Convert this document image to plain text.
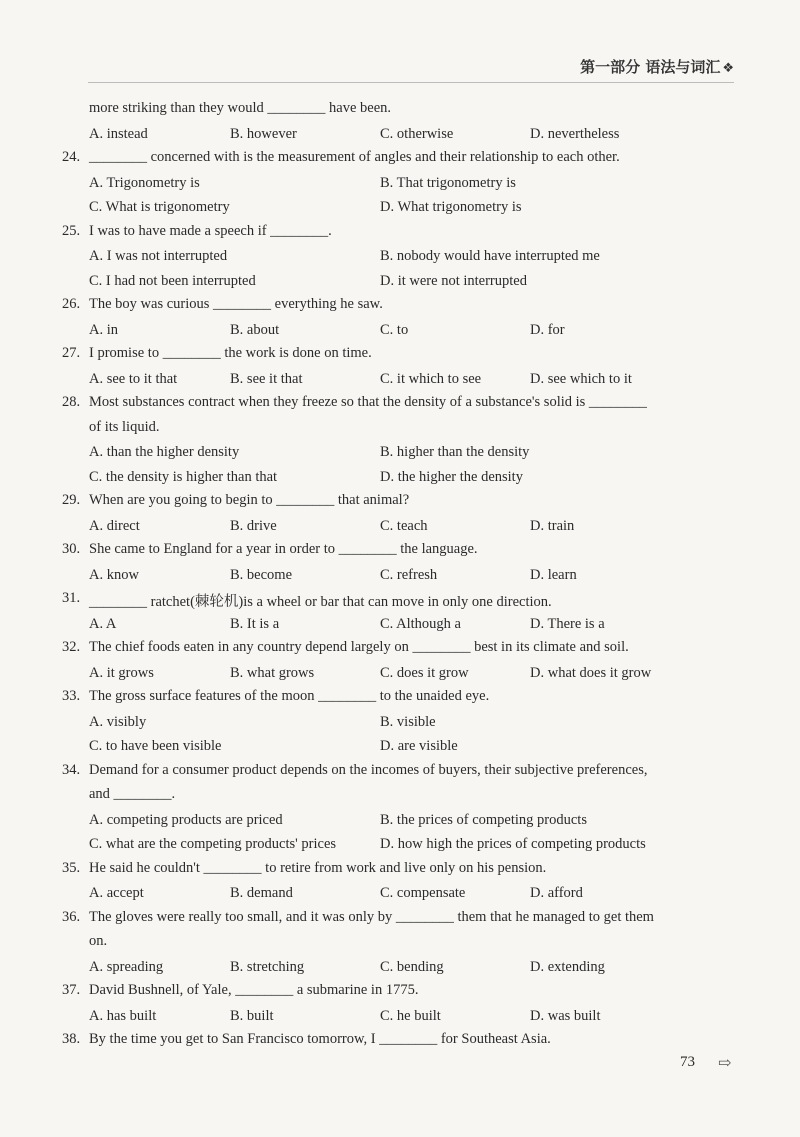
第一部分 语法与词汇 ❖
more striking than they would ________ have been.
A. instead	B. however	C. otherwise	D. nevertheless
24. ________ concerned with is the measurement of angles and their relationship to each other.
A. Trigonometry is	B. That trigonometry is
C. What is trigonometry	D. What trigonometry is
25. I was to have made a speech if ________.
A. I was not interrupted	B. nobody would have interrupted me
C. I had not been interrupted	D. it were not interrupted
26. The boy was curious ________ everything he saw.
A. in	B. about	C. to	D. for
27. I promise to ________ the work is done on time.
A. see to it that	B. see it that	C. it which to see	D. see which to it
28. Most substances contract when they freeze so that the density of a substance's solid is ________
of its liquid.
A. than the higher density	B. higher than the density
C. the density is higher than that	D. the higher the density
29. When are you going to begin to ________ that animal?
A. direct	B. drive	C. teach	D. train
30. She came to England for a year in order to ________ the language.
A. know	B. become	C. refresh	D. learn
31. ________ ratchet(棘轮机)is a wheel or bar that can move in only one direction.
A. A	B. It is a	C. Although a	D. There is a
32. The chief foods eaten in any country depend largely on ________ best in its climate and soil.
A. it grows	B. what grows	C. does it grow	D. what does it grow
33. The gross surface features of the moon ________ to the unaided eye.
A. visibly	B. visible
C. to have been visible	D. are visible
34. Demand for a consumer product depends on the incomes of buyers, their subjective preferences,
and ________.
A. competing products are priced	B. the prices of competing products
C. what are the competing products' prices	D. how high the prices of competing products
35. He said he couldn't ________ to retire from work and live only on his pension.
A. accept	B. demand	C. compensate	D. afford
36. The gloves were really too small, and it was only by ________ them that he managed to get them
on.
A. spreading	B. stretching	C. bending	D. extending
37. David Bushnell, of Yale, ________ a submarine in 1775.
A. has built	B. built	C. he built	D. was built
38. By the time you get to San Francisco tomorrow, I ________ for Southeast Asia.
73 ⇨
